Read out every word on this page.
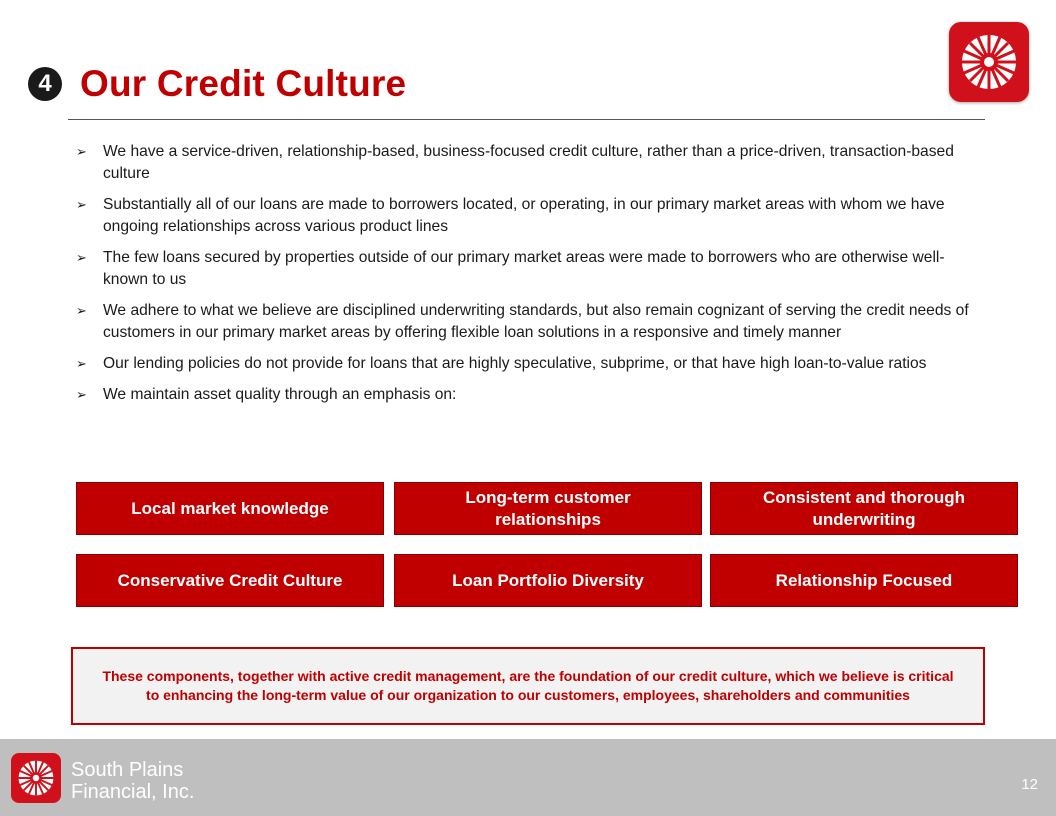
4 Our Credit Culture
➢ We have a service-driven, relationship-based, business-focused credit culture, rather than a price-driven, transaction-based culture
➢ Substantially all of our loans are made to borrowers located, or operating, in our primary market areas with whom we have ongoing relationships across various product lines
➢ The few loans secured by properties outside of our primary market areas were made to borrowers who are otherwise well-known to us
➢ We adhere to what we believe are disciplined underwriting standards, but also remain cognizant of serving the credit needs of customers in our primary market areas by offering flexible loan solutions in a responsive and timely manner
➢ Our lending policies do not provide for loans that are highly speculative, subprime, or that have high loan-to-value ratios
➢ We maintain asset quality through an emphasis on:
Local market knowledge
Long-term customer relationships
Consistent and thorough underwriting
Conservative Credit Culture	Loan Portfolio Diversity	Relationship Focused
These components, together with active credit management, are the foundation of our credit culture, which we believe is critical to enhancing the long-term value of our organization to our customers, employees, shareholders and communities
South Plains
Financial, Inc.	12
